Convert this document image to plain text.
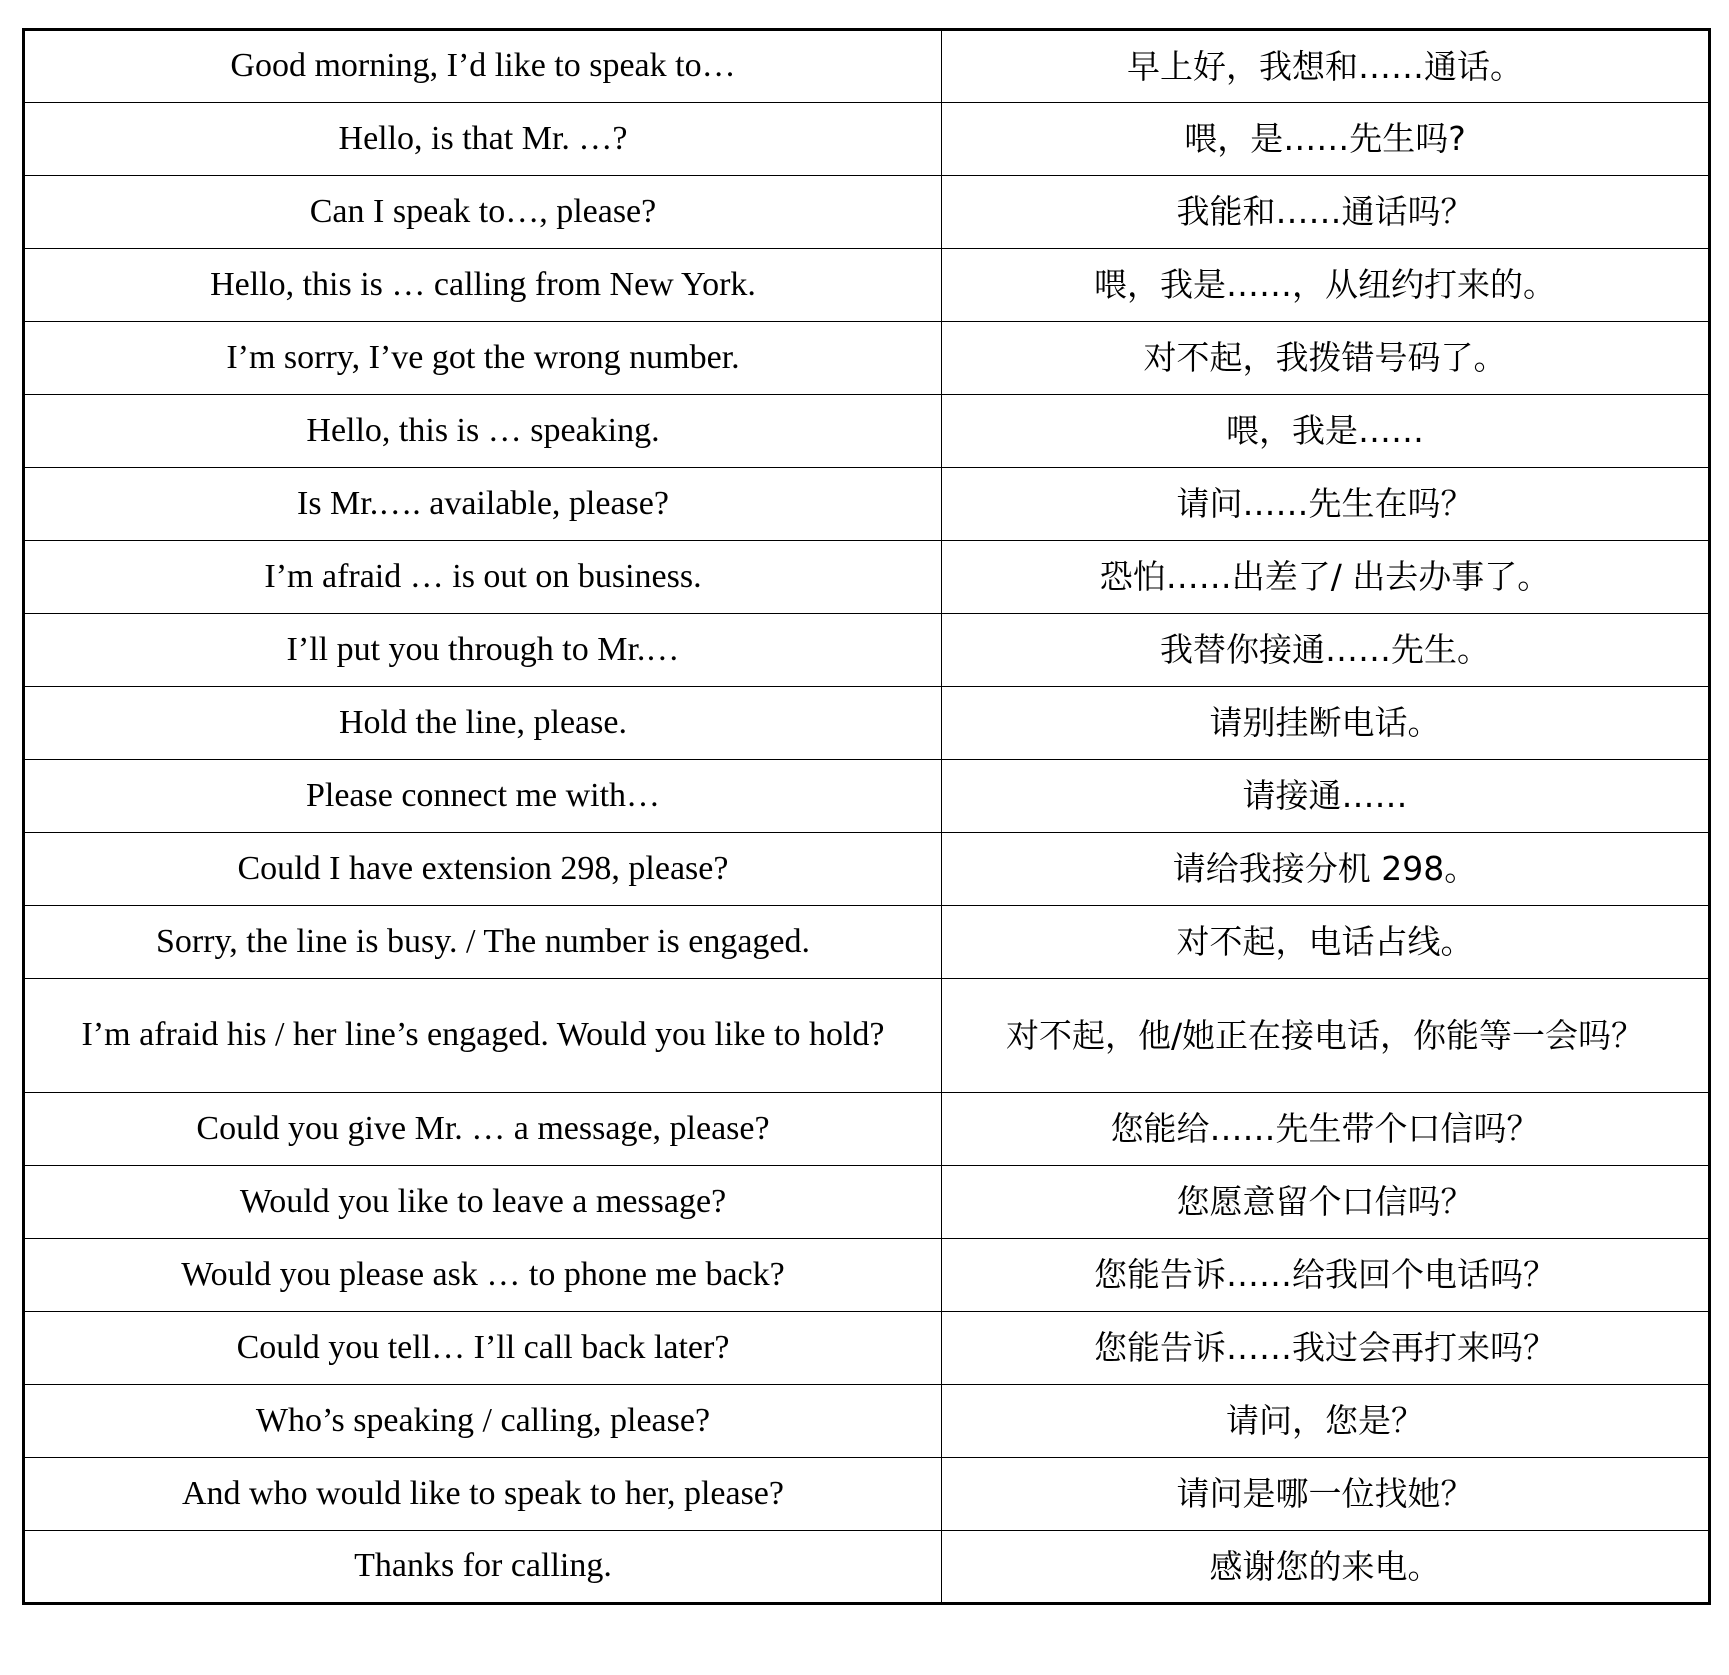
Good morning, I’d like to speak to…	早上好，我想和……通话。
Hello, is that Mr. …?	喂，是……先生吗?
Can I speak to…, please?	我能和……通话吗？
Hello, this is … calling from New York.	喂，我是……，从纽约打来的。
I’m sorry, I’ve got the wrong number.	对不起，我拨错号码了。
Hello, this is … speaking.	喂，我是……
Is Mr.…. available, please?	请问……先生在吗？
I’m afraid … is out on business.	恐怕……出差了/ 出去办事了。
I’ll put you through to Mr.…	我替你接通……先生。
Hold the line, please.	请别挂断电话。
Please connect me with…	请接通……
Could I have extension 298, please?	请给我接分机 298。
Sorry, the line is busy. / The number is engaged.	对不起，电话占线。
I’m afraid his / her line’s engaged. Would you like to hold?	对不起，他/她正在接电话，你能等一会吗？
Could you give Mr. … a message, please?	您能给……先生带个口信吗？
Would you like to leave a message?	您愿意留个口信吗？
Would you please ask … to phone me back?	您能告诉……给我回个电话吗？
Could you tell… I’ll call back later?	您能告诉……我过会再打来吗？
Who’s speaking / calling, please?	请问，您是？
And who would like to speak to her, please?	请问是哪一位找她？
Thanks for calling.	感谢您的来电。
